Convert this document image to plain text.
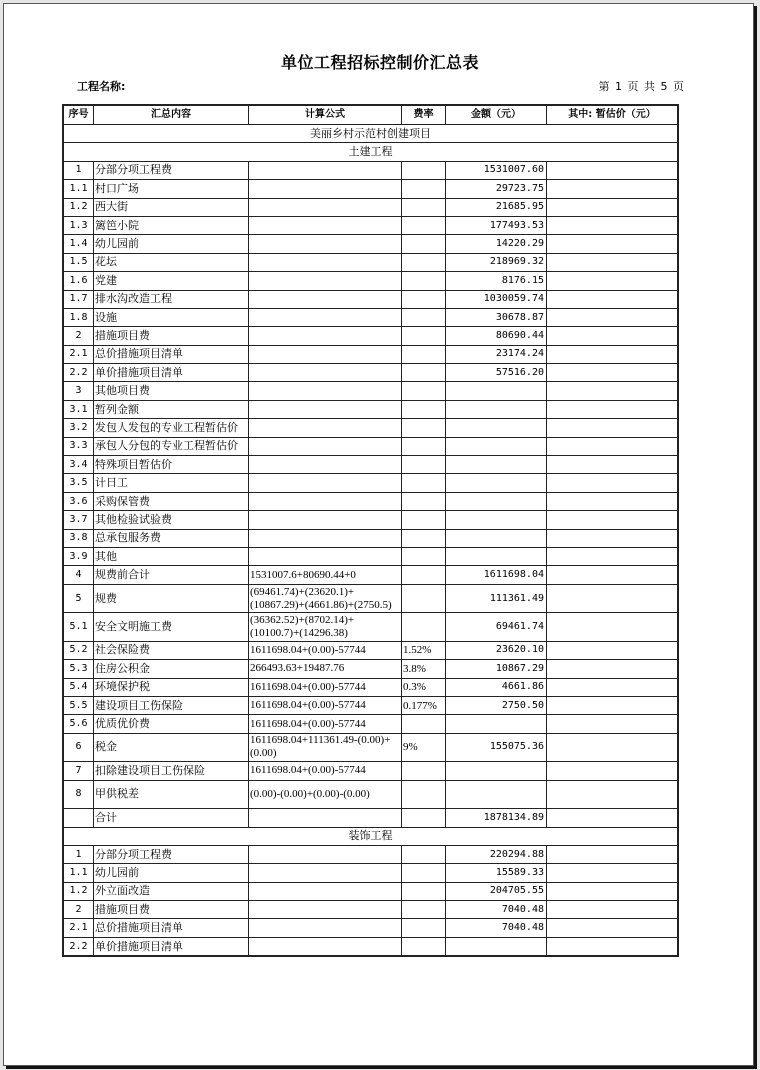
单位工程招标控制价汇总表
工程名称:	第 1 页 共 5 页
序号	汇总内容	计算公式	费率	金额（元）	其中: 暂估价（元）
美丽乡村示范村创建项目					
土建工程					
1	分部分项工程费			1531007.60	
1.1	村口广场			29723.75	
1.2	西大街			21685.95	
1.3	篱笆小院			177493.53	
1.4	幼儿园前			14220.29	
1.5	花坛			218969.32	
1.6	党建			8176.15	
1.7	排水沟改造工程			1030059.74	
1.8	设施			30678.87	
2	措施项目费			80690.44	
2.1	总价措施项目清单			23174.24	
2.2	单价措施项目清单			57516.20	
3	其他项目费				
3.1	暂列金额				
3.2	发包人发包的专业工程暂估价				
3.3	承包人分包的专业工程暂估价				
3.4	特殊项目暂估价				
3.5	计日工				
3.6	采购保管费				
3.7	其他检验试验费				
3.8	总承包服务费				
3.9	其他				
4	规费前合计	1531007.6+80690.44+0		1611698.04	
5	规费	(69461.74)+(23620.1)+(10867.29)+(4661.86)+(2750.5)		111361.49	
5.1	安全文明施工费	(36362.52)+(8702.14)+(10100.7)+(14296.38)		69461.74	
5.2	社会保险费	1611698.04+(0.00)-57744	1.52%	23620.10	
5.3	住房公积金	266493.63+19487.76	3.8%	10867.29	
5.4	环境保护税	1611698.04+(0.00)-57744	0.3%	4661.86	
5.5	建设项目工伤保险	1611698.04+(0.00)-57744	0.177%	2750.50	
5.6	优质优价费	1611698.04+(0.00)-57744			
6	税金	1611698.04+111361.49-(0.00)+(0.00)	9%	155075.36	
7	扣除建设项目工伤保险	1611698.04+(0.00)-57744			
8	甲供税差	(0.00)-(0.00)+(0.00)-(0.00)			
	合计			1878134.89	
装饰工程					
1	分部分项工程费			220294.88	
1.1	幼儿园前			15589.33	
1.2	外立面改造			204705.55	
2	措施项目费			7040.48	
2.1	总价措施项目清单			7040.48	
2.2	单价措施项目清单				
